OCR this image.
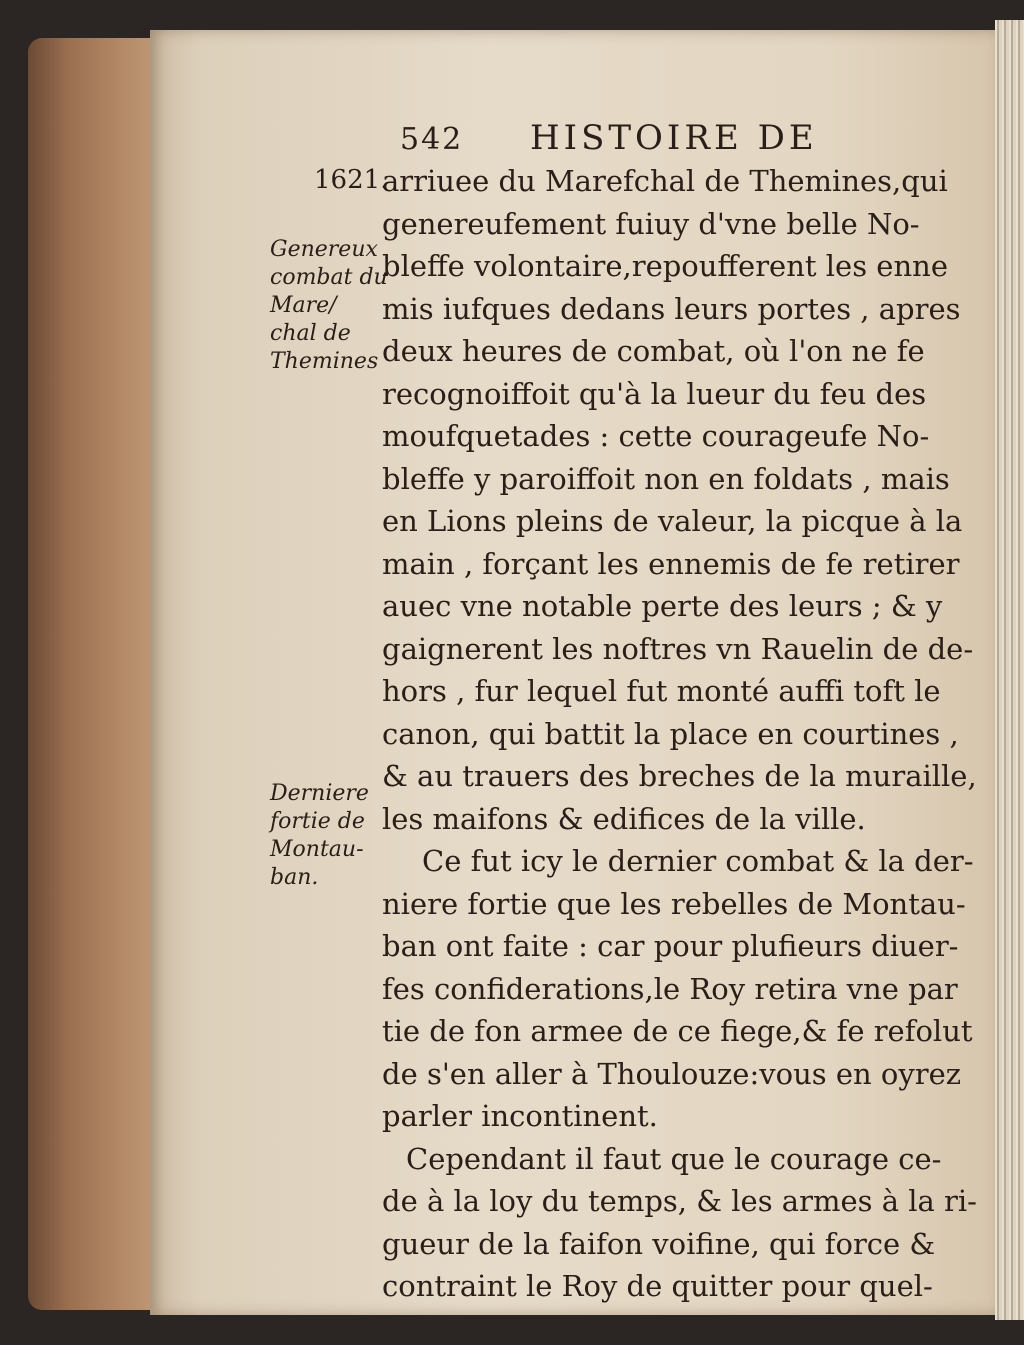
542 HISTOIRE DE
1621.
Genereux
combat du
Mare/
chal de
Themines
Derniere
fortie de
Montau-
ban.
arriuee du Marefchal de Themines,qui
genereufement fuiuy d'vne belle No-
bleffe volontaire,repoufferent les enne
mis iufques dedans leurs portes , apres
deux heures de combat, où l'on ne fe
recognoiffoit qu'à la lueur du feu des
moufquetades : cette courageufe No-
bleffe y paroiffoit non en foldats , mais
en Lions pleins de valeur, la picque à la
main , forçant les ennemis de fe retirer
auec vne notable perte des leurs ; & y
gaignerent les noftres vn Rauelin de de-
hors , fur lequel fut monté auffi toft le
canon, qui battit la place en courtines ,
& au trauers des breches de la muraille,
les maifons & edifices de la ville.
Ce fut icy le dernier combat & la der-
niere fortie que les rebelles de Montau-
ban ont faite : car pour plufieurs diuer-
fes confiderations,le Roy retira vne par
tie de fon armee de ce fiege,& fe refolut
de s'en aller à Thoulouze:vous en oyrez
parler incontinent.
Cependant il faut que le courage ce-
de à la loy du temps, & les armes à la ri-
gueur de la faifon voifine, qui force &
contraint le Roy de quitter pour quel-
